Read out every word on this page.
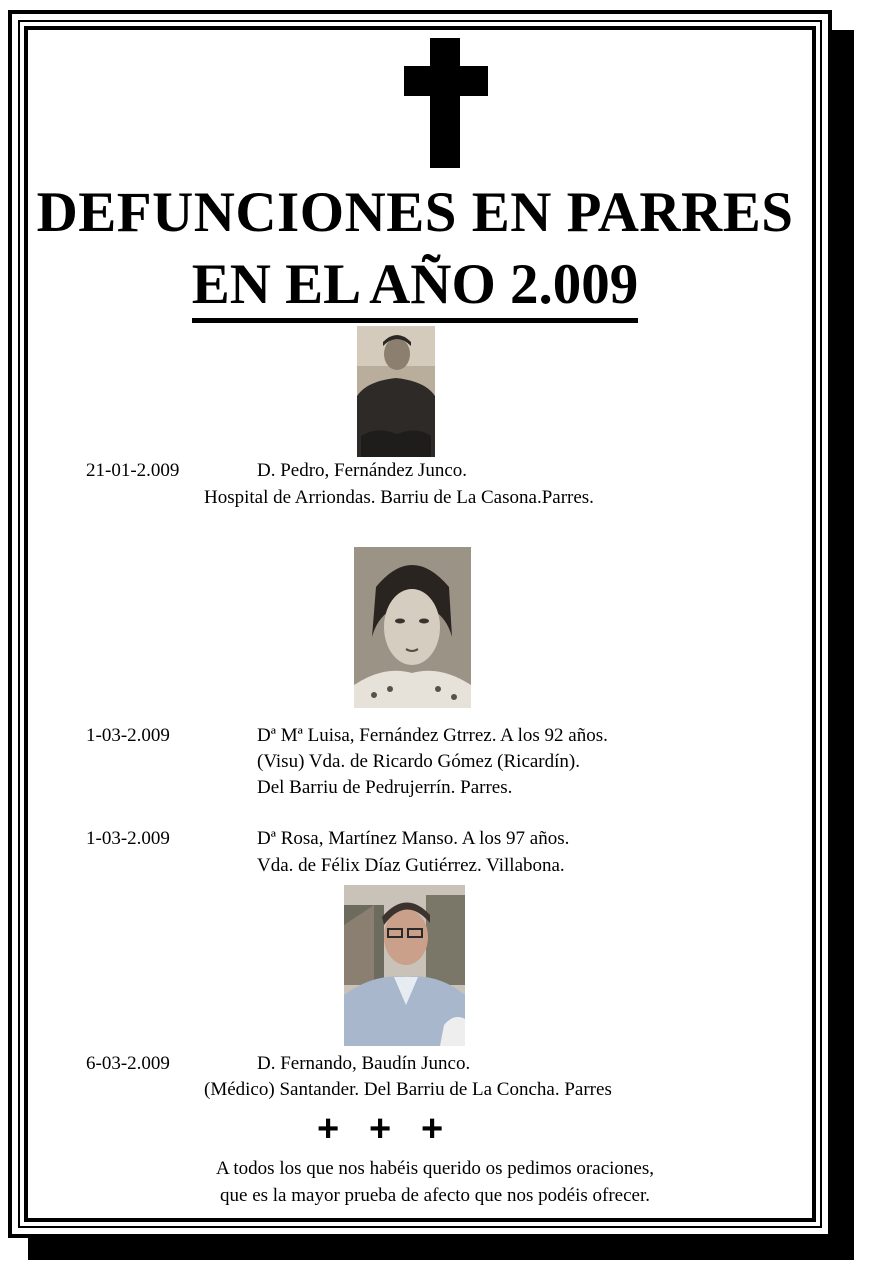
DEFUNCIONES EN PARRES
EN EL AÑO 2.009
21-01-2.009	D. Pedro, Fernández Junco.
Hospital de Arriondas. Barriu de La Casona.Parres.
1-03-2.009	Dª Mª Luisa, Fernández Gtrrez. A los 92 años.
(Visu) Vda. de Ricardo Gómez (Ricardín).
Del Barriu de Pedrujerrín. Parres.
1-03-2.009	Dª Rosa, Martínez Manso. A los 97 años.
Vda. de Félix Díaz Gutiérrez. Villabona.
6-03-2.009	D. Fernando, Baudín Junco.
(Médico) Santander. Del Barriu de La Concha. Parres
+ + +
A todos los que nos habéis querido os pedimos oraciones,
que es la mayor prueba de afecto que nos podéis ofrecer.
